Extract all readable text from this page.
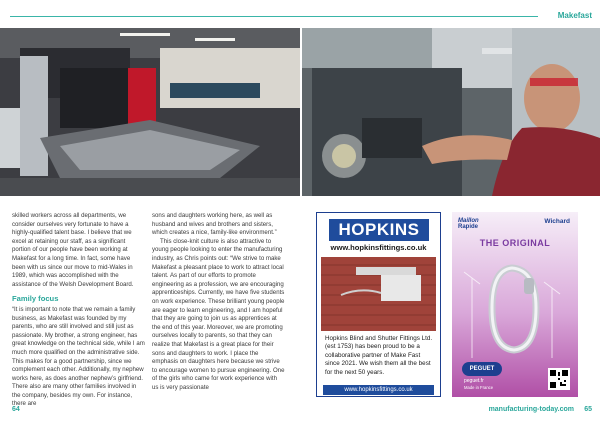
Makefast

skilled workers across all departments, we consider ourselves very fortunate to have a highly-qualified talent base. I believe that we excel at retaining our staff, as a significant portion of our people have been working at Makefast for a long time. In fact, some have been with us since our move to mid-Wales in 1989, which was accomplished with the assistance of the Welsh Development Board.

Family focus

“It is important to note that we remain a family business, as Makefast was founded by my parents, who are still involved and still just as passionate. My brother, a strong engineer, has great knowledge on the technical side, while I am much more qualified on the administrative side. This makes for a good partnership, since we complement each other. Additionally, my nephew works here, as does another nephew’s girlfriend. There also are many other families involved in the company, besides my own. For instance, there are

sons and daughters working here, as well as husband and wives and brothers and sisters, which creates a nice, family-like environment.”

This close-knit culture is also attractive to young people looking to enter the manufacturing industry, as Chris points out: “We strive to make Makefast a pleasant place to work to attract local talent. As part of our efforts to promote engineering as a profession, we are encouraging apprenticeships. Currently, we have five students on work experience. These brilliant young people are eager to learn engineering, and I am hopeful that they are going to join us as apprentices at the end of this year. Moreover, we are promoting ourselves locally to parents, so that they can realize that Makefast is a great place for their sons and daughters to work. I place the emphasis on daughters here because we strive to encourage women to pursue engineering. One of the girls who came for work experience with us is very passionate

HOPKINS
www.hopkinsfittings.co.uk
Hopkins Blind and Shutter Fittings Ltd. (est 1753) has been proud to be a collaborative partner of Make Fast since 2021. We wish them all the best for the next 50 years.
www.hopkinsfittings.co.uk
Maillon
Rapide
Wichard
THE ORIGINAL
PEGUET
peguet.fr
Made in France
64	manufacturing-today.com 65
